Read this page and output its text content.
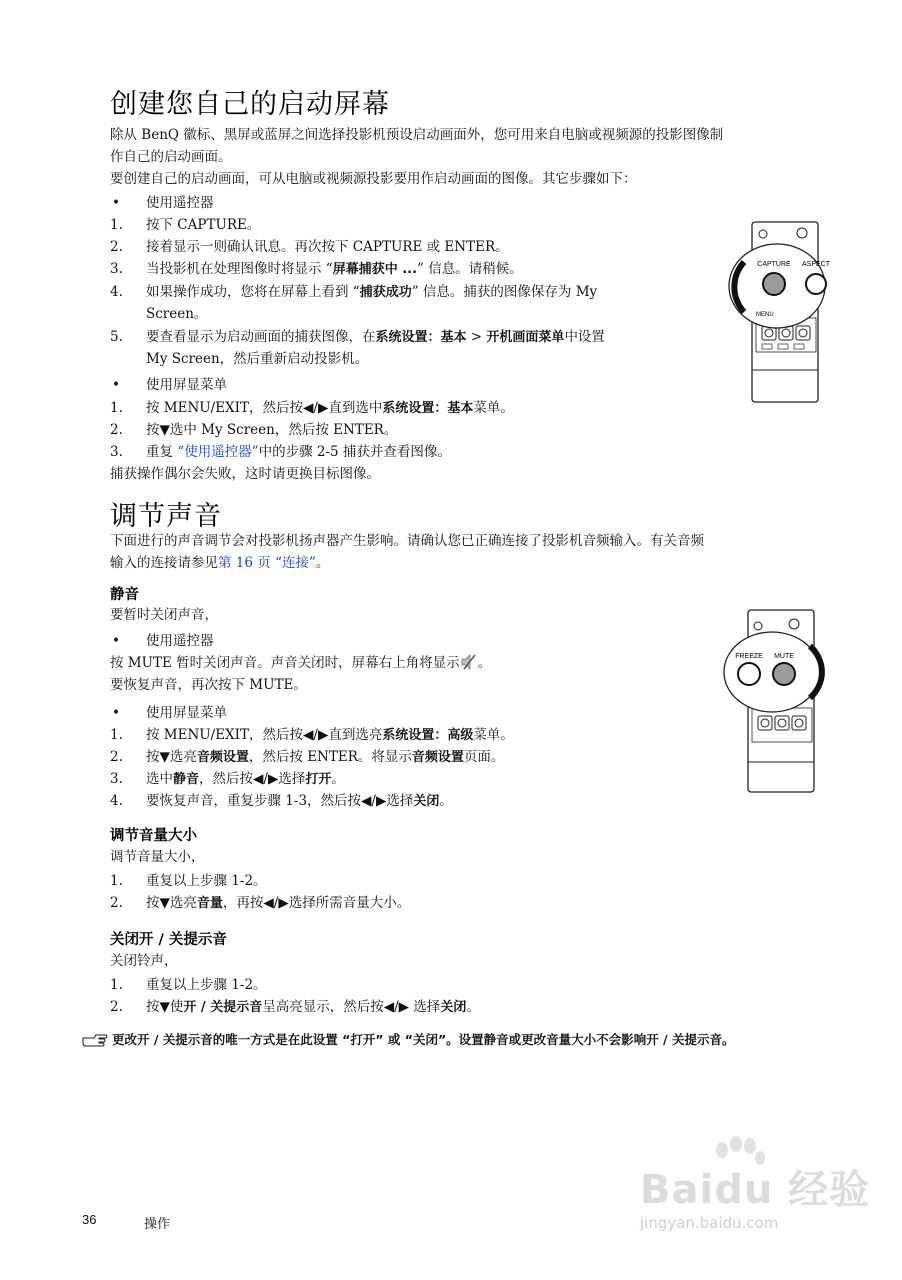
创建您自己的启动屏幕
除从 BenQ 徽标、黑屏或蓝屏之间选择投影机预设启动画面外，您可用来自电脑或视频源的投影图像制
作自己的启动画面。
要创建自己的启动画面，可从电脑或视频源投影要用作启动画面的图像。其它步骤如下：
• 使用遥控器
1. 按下 CAPTURE。
2. 接着显示一则确认讯息。再次按下 CAPTURE 或 ENTER。
3. 当投影机在处理图像时将显示 “屏幕捕获中 ...” 信息。请稍候。
4. 如果操作成功，您将在屏幕上看到 “捕获成功” 信息。捕获的图像保存为 My
Screen。
5. 要查看显示为启动画面的捕获图像，在系统设置：基本 > 开机画面菜单中设置
My Screen，然后重新启动投影机。
• 使用屏显菜单
1. 按 MENU/EXIT，然后按◀/▶直到选中系统设置：基本菜单。
2. 按▼选中 My Screen，然后按 ENTER。
3. 重复 “使用遥控器”中的步骤 2-5 捕获并查看图像。
捕获操作偶尔会失败，这时请更换目标图像。
CAPTURE ASPECT
MENU
调节声音
下面进行的声音调节会对投影机扬声器产生影响。请确认您已正确连接了投影机音频输入。有关音频
输入的连接请参见第 16 页 “连接”。
静音
要暂时关闭声音，
• 使用遥控器
按 MUTE 暂时关闭声音。声音关闭时，屏幕右上角将显示 。
要恢复声音，再次按下 MUTE。
• 使用屏显菜单
1. 按 MENU/EXIT，然后按◀/▶直到选亮系统设置：高级菜单。
2. 按▼选亮音频设置，然后按 ENTER。将显示音频设置页面。
3. 选中静音，然后按◀/▶选择打开。
4. 要恢复声音，重复步骤 1-3，然后按◀/▶选择关闭。
FREEZE MUTE
调节音量大小
调节音量大小，
1. 重复以上步骤 1-2。
2. 按▼选亮音量，再按◀/▶选择所需音量大小。
关闭开 / 关提示音
关闭铃声，
1. 重复以上步骤 1-2。
2. 按▼使开 / 关提示音呈高亮显示，然后按◀/▶ 选择关闭。
更改开 / 关提示音的唯一方式是在此设置 “打开” 或 “关闭”。设置静音或更改音量大小不会影响开 / 关提示音。
36	操作
Baidu 经验
jingyan.baidu.com
